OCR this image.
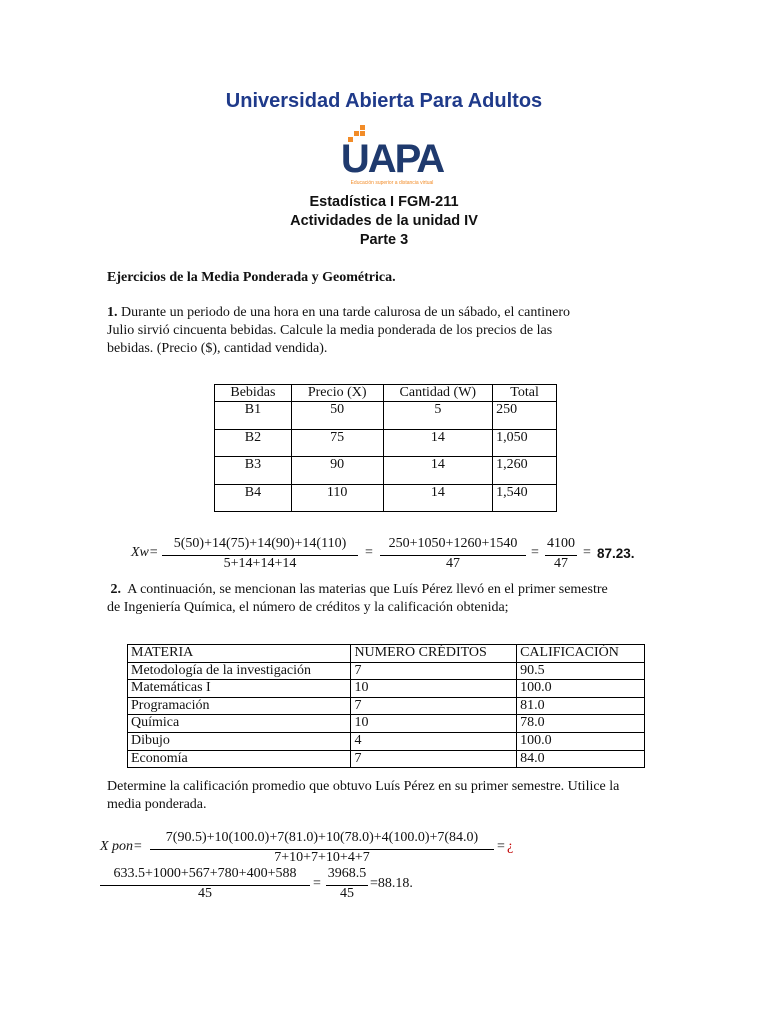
Universidad Abierta Para Adultos
UAPA
Educación superior a distancia virtual
Estadística I FGM-211
Actividades de la unidad IV
Parte 3
Ejercicios de la Media Ponderada y Geométrica.
1. Durante un periodo de una hora en una tarde calurosa de un sábado, el cantinero
Julio sirvió cincuenta bebidas. Calcule la media ponderada de los precios de las
bebidas. (Precio ($), cantidad vendida).
Bebidas	Precio (X)	Cantidad (W)	Total
B1	50	5	250
B2	75	14	1,050
B3	90	14	1,260
B4	110	14	1,540
Xw=
5(50)+14(75)+14(90)+14(110)
5+14+14+14
=
250+1050+1260+1540
47
=
4100
47
= 87.23.
2. A continuación, se mencionan las materias que Luís Pérez llevó en el primer semestre
de Ingeniería Química, el número de créditos y la calificación obtenida;
MATERIA	NUMERO CRÉDITOS	CALIFICACIÓN
Metodología de la investigación	7	90.5
Matemáticas I	10	100.0
Programación	7	81.0
Química	10	78.0
Dibujo	4	100.0
Economía	7	84.0
Determine la calificación promedio que obtuvo Luís Pérez en su primer semestre. Utilice la
media ponderada.
X pon=
7(90.5)+10(100.0)+7(81.0)+10(78.0)+4(100.0)+7(84.0)
7+10+7+10+4+7
= ¿
633.5+1000+567+780+400+588
45
=
3968.5
45
=88.18.
